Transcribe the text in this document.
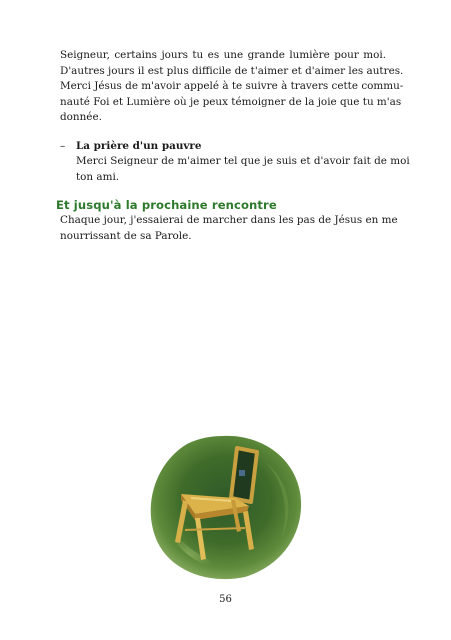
Seigneur, certains jours tu es une grande lumière pour moi.
D'autres jours il est plus difficile de t'aimer et d'aimer les autres.
Merci Jésus de m'avoir appelé à te suivre à travers cette commu-
nauté Foi et Lumière où je peux témoigner de la joie que tu m'as
donnée.

– La prière d'un pauvre

Merci Seigneur de m'aimer tel que je suis et d'avoir fait de moi
ton ami.

Et jusqu'à la prochaine rencontre

Chaque jour, j'essaierai de marcher dans les pas de Jésus en me
nourrissant de sa Parole.

56
